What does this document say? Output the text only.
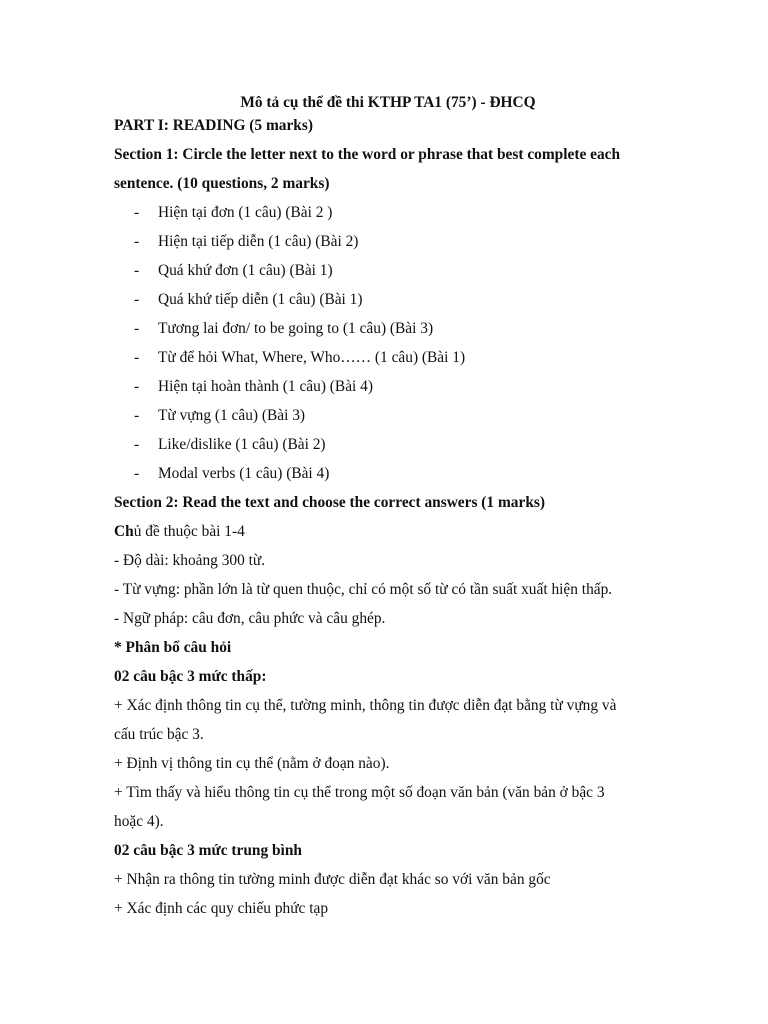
Mô tả cụ thể đề thi KTHP TA1 (75’) - ĐHCQ
PART I: READING (5 marks)
Section 1: Circle the letter next to the word or phrase that best complete each
sentence. (10 questions, 2 marks)
- Hiện tại đơn (1 câu) (Bài 2 )
- Hiện tại tiếp diễn (1 câu) (Bài 2)
- Quá khứ đơn (1 câu) (Bài 1)
- Quá khứ tiếp diễn (1 câu) (Bài 1)
- Tương lai đơn/ to be going to (1 câu) (Bài 3)
- Từ để hỏi What, Where, Who…… (1 câu) (Bài 1)
- Hiện tại hoàn thành (1 câu) (Bài 4)
- Từ vựng (1 câu) (Bài 3)
- Like/dislike (1 câu) (Bài 2)
- Modal verbs (1 câu) (Bài 4)
Section 2: Read the text and choose the correct answers (1 marks)
Chủ đề thuộc bài 1-4
- Độ dài: khoảng 300 từ.
- Từ vựng: phần lớn là từ quen thuộc, chỉ có một số từ có tần suất xuất hiện thấp.
- Ngữ pháp: câu đơn, câu phức và câu ghép.
* Phân bổ câu hỏi
02 câu bậc 3 mức thấp:
+ Xác định thông tin cụ thể, tường minh, thông tin được diễn đạt bằng từ vựng và
cấu trúc bậc 3.
+ Định vị thông tin cụ thể (nằm ở đoạn nào).
+ Tìm thấy và hiểu thông tin cụ thể trong một số đoạn văn bản (văn bản ở bậc 3
hoặc 4).
02 câu bậc 3 mức trung bình
+ Nhận ra thông tin tường minh được diễn đạt khác so với văn bản gốc
+ Xác định các quy chiếu phức tạp
